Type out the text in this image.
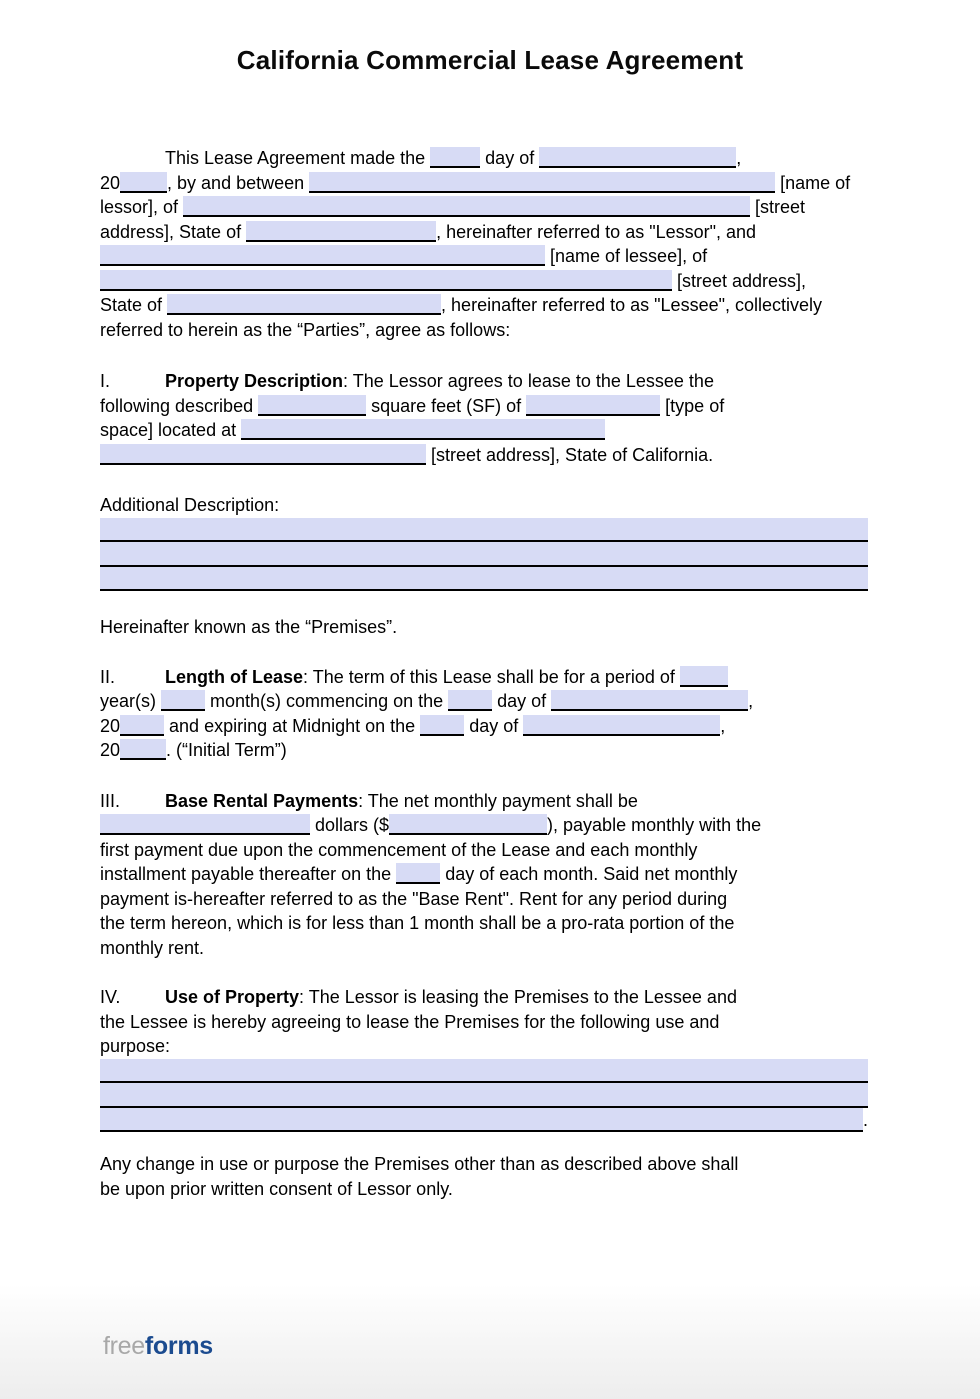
California Commercial Lease Agreement
This Lease Agreement made the	day of	,
20	, by and between	[name of
lessor], of	[street
address], State of	, hereinafter referred to as "Lessor", and
[name of lessee], of
[street address],
State of	, hereinafter referred to as "Lessee", collectively
referred to herein as the “Parties”, agree as follows:
I.	Property Description: The Lessor agrees to lease to the Lessee the
following described	square feet (SF) of	[type of
space] located at
[street address], State of California.
Additional Description:
Hereinafter known as the “Premises”.
II.	Length of Lease: The term of this Lease shall be for a period of
year(s)  month(s) commencing on the  day of	,
20 and expiring at Midnight on the  day of	,
20	. (“Initial Term”)
III. Base Rental Payments: The net monthly payment shall be
dollars ($	), payable monthly with the
first payment due upon the commencement of the Lease and each monthly
installment payable thereafter on the  day of each month. Said net monthly
payment is-hereafter referred to as the "Base Rent". Rent for any period during
the term hereon, which is for less than 1 month shall be a pro-rata portion of the
monthly rent.
IV. Use of Property: The Lessor is leasing the Premises to the Lessee and
the Lessee is hereby agreeing to lease the Premises for the following use and
purpose:
.
Any change in use or purpose the Premises other than as described above shall
be upon prior written consent of Lessor only.
freeforms
